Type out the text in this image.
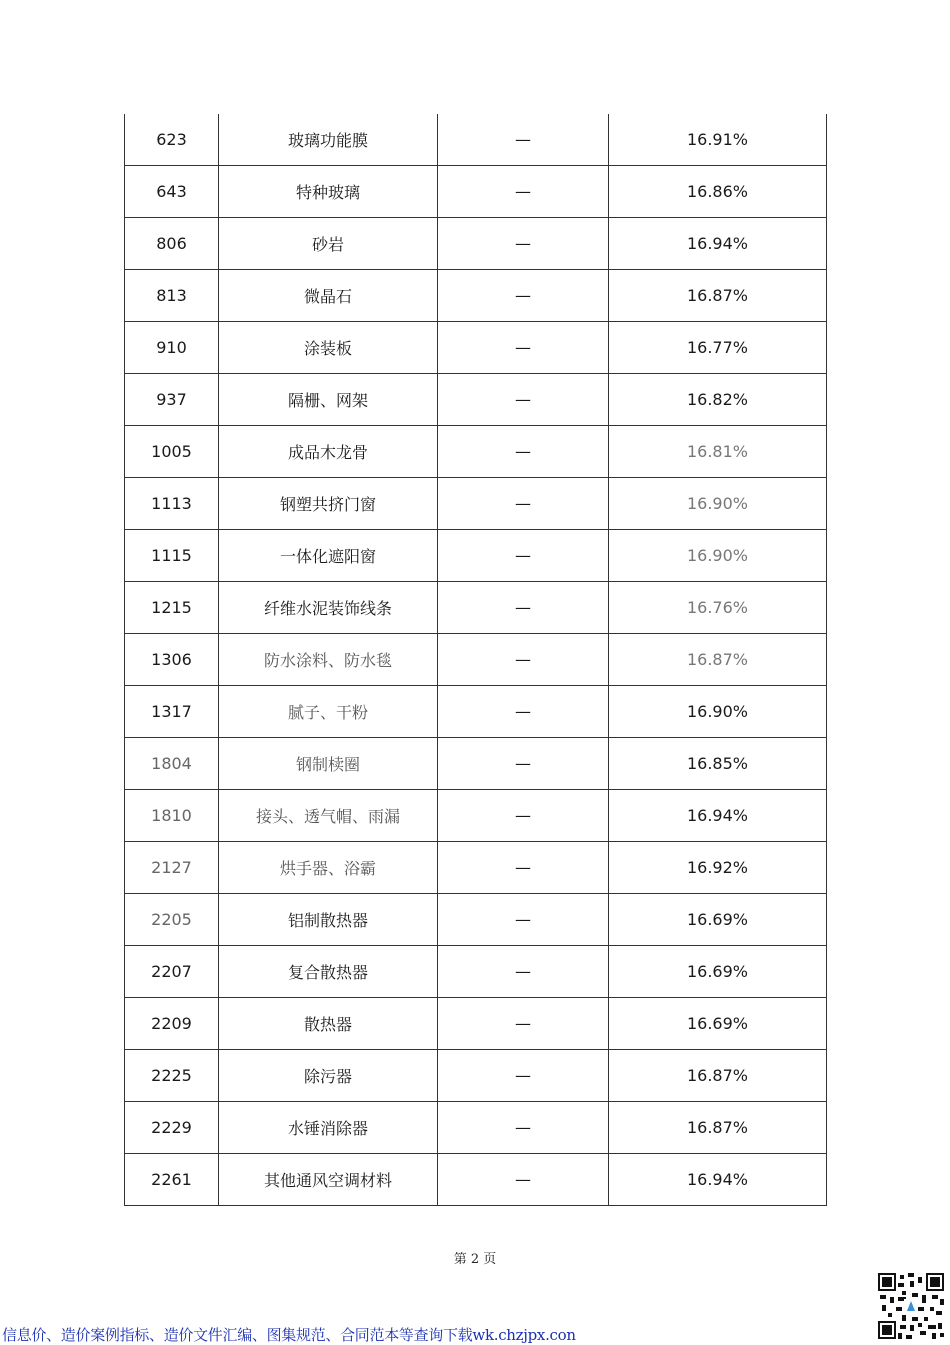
623	玻璃功能膜	—	16.91%
643	特种玻璃	—	16.86%
806	砂岩	—	16.94%
813	微晶石	—	16.87%
910	涂装板	—	16.77%
937	隔栅、网架	—	16.82%
1005	成品木龙骨	—	16.81%
1113	钢塑共挤门窗	—	16.90%
1115	一体化遮阳窗	—	16.90%
1215	纤维水泥装饰线条	—	16.76%
1306	防水涂料、防水毯	—	16.87%
1317	腻子、干粉	—	16.90%
1804	钢制椟圈	—	16.85%
1810	接头、透气帽、雨漏	—	16.94%
2127	烘手器、浴霸	—	16.92%
2205	铝制散热器	—	16.69%
2207	复合散热器	—	16.69%
2209	散热器	—	16.69%
2225	除污器	—	16.87%
2229	水锤消除器	—	16.87%
2261	其他通风空调材料	—	16.94%
第 2 页
信息价、造价案例指标、造价文件汇编、图集规范、合同范本等查询下载wk.chzjpx.con
